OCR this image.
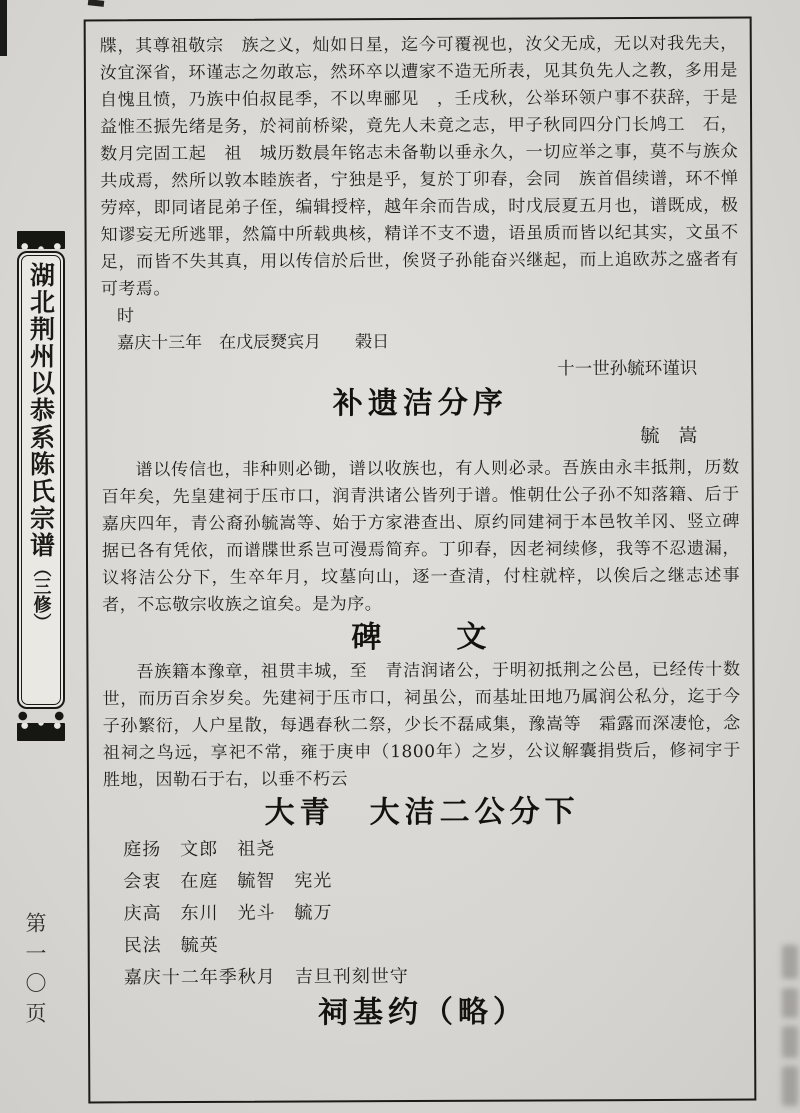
湖北荆州以恭系陈氏宗谱（三修）
第一〇页
牒，其尊祖敬宗　族之义，灿如日星，迄今可覆视也，汝父无成，无以对我先夫，汝宜深省，环谨志之勿敢忘，然环卒以遭家不造无所表，见其负先人之教，多用是自愧且愤，乃族中伯叔昆季，不以卑郦见　，壬戌秋，公举环领户事不获辞，于是益惟丕振先绪是务，於祠前桥梁，竟先人未竟之志，甲子秋同四分门长鸠工　石，数月完固工起　祖　城历数晨年铭志未备勒以垂永久，一切应举之事，莫不与族众共成焉，然所以敦本睦族者，宁独是乎，复於丁卯春，会同　族首倡续谱，环不惮劳瘁，即同诸昆弟子侄，编辑授梓，越年余而告成，时戊辰夏五月也，谱既成，极知谬妄无所逃罪，然篇中所载典核，精详不支不遗，语虽质而皆以纪其实，文虽不足，而皆不失其真，用以传信於后世，俟贤子孙能奋兴继起，而上追欧苏之盛者有可考焉。
时
嘉庆十三年　在戊辰燹宾月　　榖日
十一世孙毓环谨识
补遗洁分序
毓　嵩
谱以传信也，非种则必锄，谱以收族也，有人则必录。吾族由永丰抵荆，历数百年矣，先皇建祠于压市口，润青洪诸公皆列于谱。惟朝仕公子孙不知落籍、后于嘉庆四年，青公裔孙毓嵩等、始于方家港查出、原约同建祠于本邑牧羊冈、竖立碑据已各有凭依，而谱牒世系岂可漫焉简弃。丁卯春，因老祠续修，我等不忍遗漏，议将洁公分下，生卒年月，坟墓向山，逐一查清，付柱就梓，以俟后之继志述事者，不忘敬宗收族之谊矣。是为序。
碑　　文
吾族籍本豫章，祖贯丰城，至　青洁润诸公，于明初抵荆之公邑，已经传十数世，而历百余岁矣。先建祠于压市口，祠虽公，而基址田地乃属润公私分，迄于今子孙繁衍，人户星散，每遇春秋二祭，少长不磊咸集，豫嵩等　霜露而深凄怆，念祖祠之鸟远，享祀不常，雍于庚申（1800年）之岁，公议解囊捐赀后，修祠宇于胜地，因勒石于右，以垂不朽云
大青　大洁二公分下
庭扬　文郎　祖尧
会衷　在庭　毓智　宪光
庆高　东川　光斗　毓万
民法　毓英
嘉庆十二年季秋月　吉旦刊刻世守
祠基约（略）
